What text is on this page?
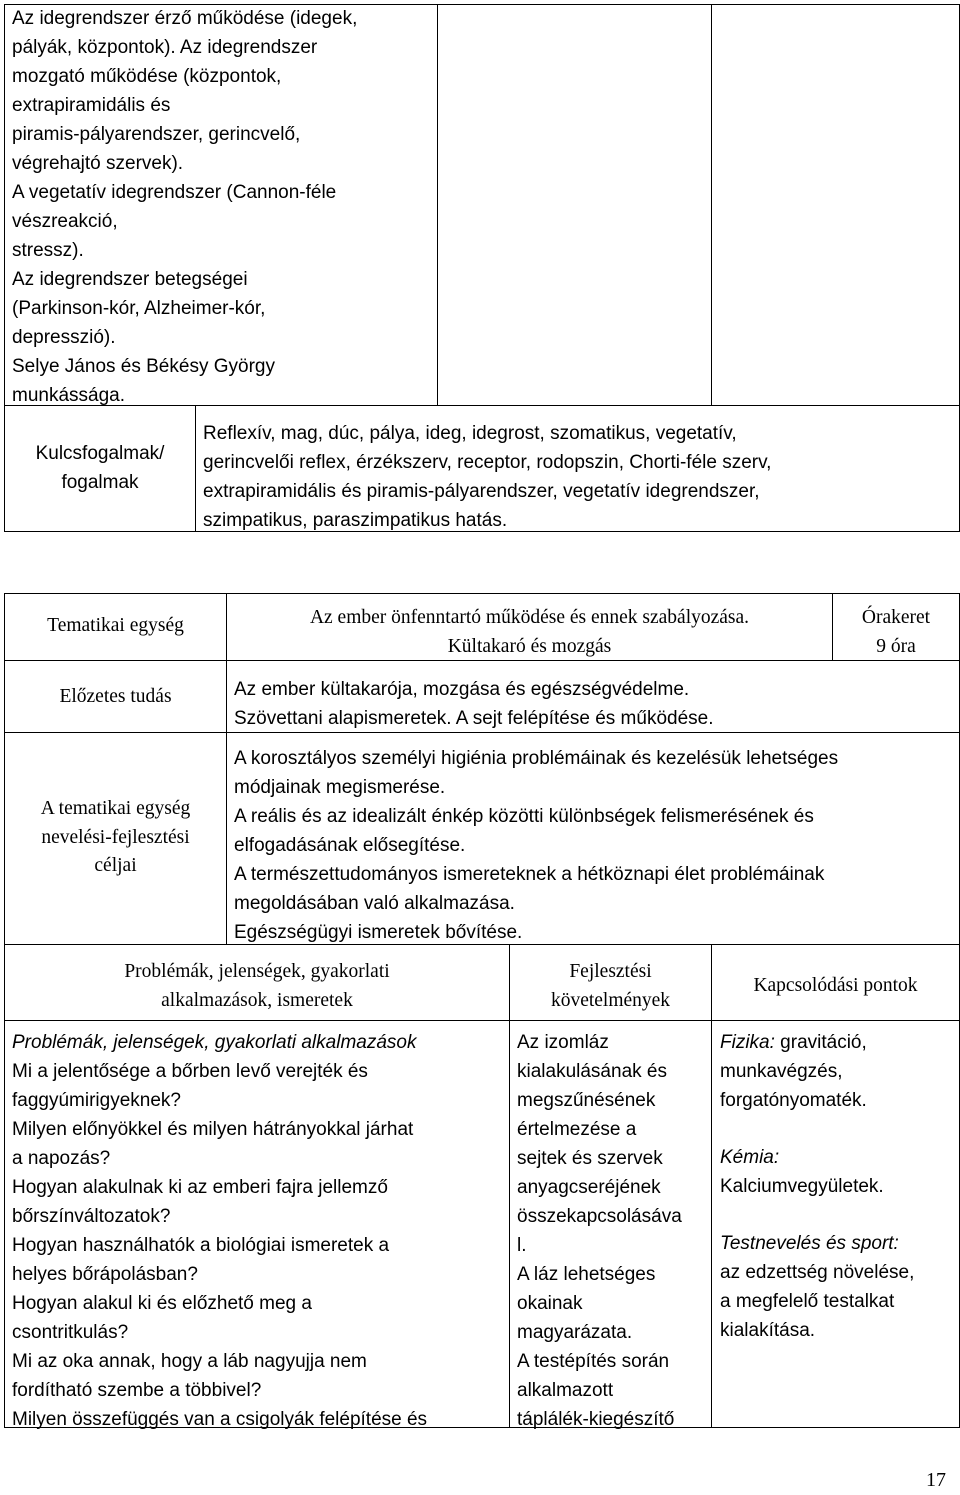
Az idegrendszer érző működése (idegek,
pályák, központok). Az idegrendszer
mozgató működése (központok,
extrapiramidális és
piramis-pályarendszer, gerincvelő,
végrehajtó szervek).
A vegetatív idegrendszer (Cannon-féle
vészreakció,
stressz).
Az idegrendszer betegségei
(Parkinson-kór, Alzheimer-kór,
depresszió).
Selye János és Békésy György
munkássága.
Kulcsfogalmak/
fogalmak
Reflexív, mag, dúc, pálya, ideg, idegrost, szomatikus, vegetatív,
gerincvelői reflex, érzékszerv, receptor, rodopszin, Chorti-féle szerv,
extrapiramidális és piramis-pályarendszer, vegetatív idegrendszer,
szimpatikus, paraszimpatikus hatás.
Tematikai egység	Az ember önfenntartó működése és ennek szabályozása.
Kültakaró és mozgás
Órakeret
9 óra
Előzetes tudás	Az ember kültakarója, mozgása és egészségvédelme.
Szövettani alapismeretek. A sejt felépítése és működése.
A tematikai egység
nevelési-fejlesztési
céljai
A korosztályos személyi higiénia problémáinak és kezelésük lehetséges
módjainak megismerése.
A reális és az idealizált énkép közötti különbségek felismerésének és
elfogadásának elősegítése.
A természettudományos ismereteknek a hétköznapi élet problémáinak
megoldásában való alkalmazása.
Egészségügyi ismeretek bővítése.
Problémák, jelenségek, gyakorlati
alkalmazások, ismeretek
Fejlesztési
követelmények
Kapcsolódási pontok
Problémák, jelenségek, gyakorlati alkalmazások
Mi a jelentősége a bőrben levő verejték és
faggyúmirigyeknek?
Milyen előnyökkel és milyen hátrányokkal járhat
a napozás?
Hogyan alakulnak ki az emberi fajra jellemző
bőrszínváltozatok?
Hogyan használhatók a biológiai ismeretek a
helyes bőrápolásban?
Hogyan alakul ki és előzhető meg a
csontritkulás?
Mi az oka annak, hogy a láb nagyujja nem
fordítható szembe a többivel?
Milyen összefüggés van a csigolyák felépítése és
Az izomláz
kialakulásának és
megszűnésének
értelmezése a
sejtek és szervek
anyagcseréjének
összekapcsolásáva
l.
A láz lehetséges
okainak
magyarázata.
A testépítés során
alkalmazott
táplálék-kiegészítő
Fizika: gravitáció,
munkavégzés,
forgatónyomaték.
Kémia:
Kalciumvegyületek.
Testnevelés és sport:
az edzettség növelése,
a megfelelő testalkat
kialakítása.
17
